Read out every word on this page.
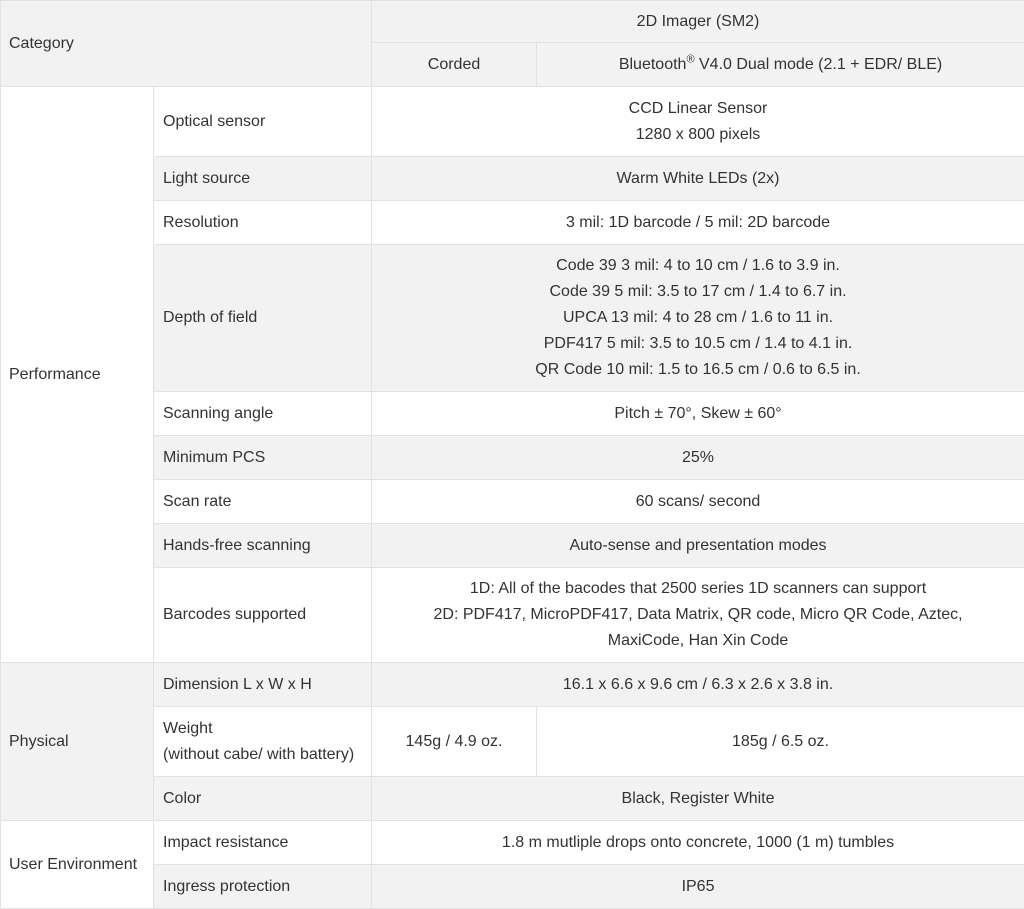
Category		2D Imager (SM2)	
		Corded	Bluetooth® V4.0 Dual mode (2.1 + EDR/ BLE)
Performance	Optical sensor	CCD Linear Sensor
1280 x 800 pixels	

	Light source	Warm White LEDs (2x)	
	Resolution	3 mil: 1D barcode / 5 mil: 2D barcode	
	Depth of field	Code 39 3 mil: 4 to 10 cm / 1.6 to 3.9 in.
Code 39 5 mil: 3.5 to 17 cm / 1.4 to 6.7 in.
UPCA 13 mil: 4 to 28 cm / 1.6 to 11 in.
PDF417 5 mil: 3.5 to 10.5 cm / 1.4 to 4.1 in.
QR Code 10 mil: 1.5 to 16.5 cm / 0.6 to 6.5 in.	

	Scanning angle	Pitch ± 70°, Skew ± 60°	
	Minimum PCS	25%	
	Scan rate	60 scans/ second	
	Hands-free scanning	Auto-sense and presentation modes	
	Barcodes supported	1D: All of the bacodes that 2500 series 1D scanners can support
2D: PDF417, MicroPDF417, Data Matrix, QR code, Micro QR Code, Aztec,
MaxiCode, Han Xin Code	

Physical	Dimension L x W x H	16.1 x 6.6 x 9.6 cm / 6.3 x 2.6 x 3.8 in.	

	Weight
(without cabe/ with battery)	145g / 4.9 oz.	185g / 6.5 oz.
	Color	Black, Register White	
User Environment	Impact resistance	1.8 m mutliple drops onto concrete, 1000 (1 m) tumbles	
	Ingress protection	IP65	
